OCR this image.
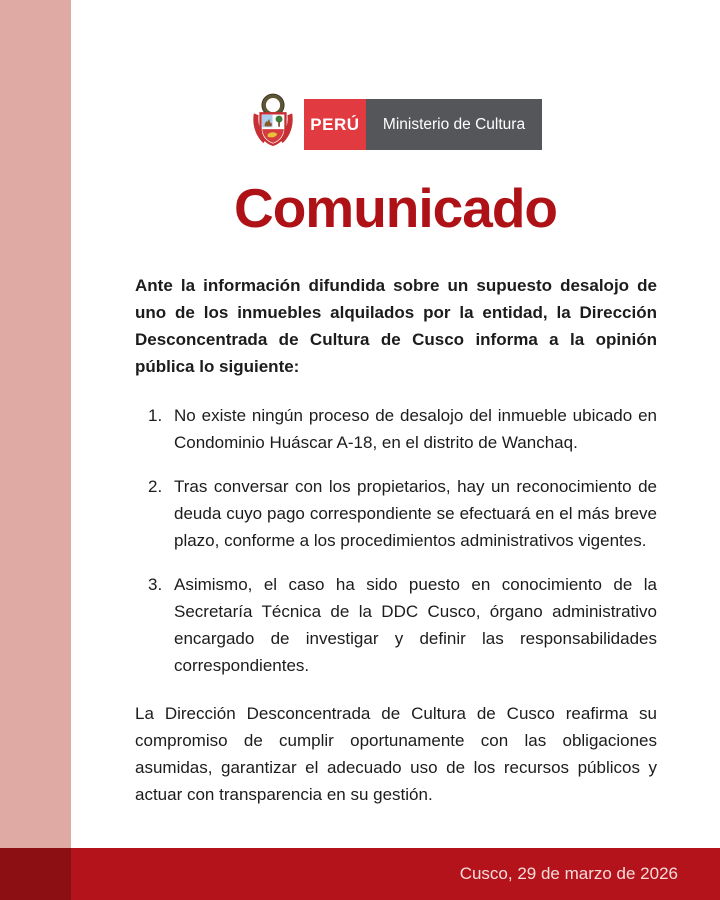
PERÚ Ministerio de Cultura
Comunicado

Ante la información difundida sobre un supuesto desalojo de uno de los inmuebles alquilados por la entidad, la Dirección Desconcentrada de Cultura de Cusco informa a la opinión pública lo siguiente:

1. No existe ningún proceso de desalojo del inmueble ubicado en Condominio Huáscar A-18, en el distrito de Wanchaq.
2. Tras conversar con los propietarios, hay un reconocimiento de deuda cuyo pago correspondiente se efectuará en el más breve plazo, conforme a los procedimientos administrativos vigentes.
3. Asimismo, el caso ha sido puesto en conocimiento de la Secretaría Técnica de la DDC Cusco, órgano administrativo encargado de investigar y definir las responsabilidades correspondientes.

La Dirección Desconcentrada de Cultura de Cusco reafirma su compromiso de cumplir oportunamente con las obligaciones asumidas, garantizar el adecuado uso de los recursos públicos y actuar con transparencia en su gestión.

Cusco, 29 de marzo de 2026
